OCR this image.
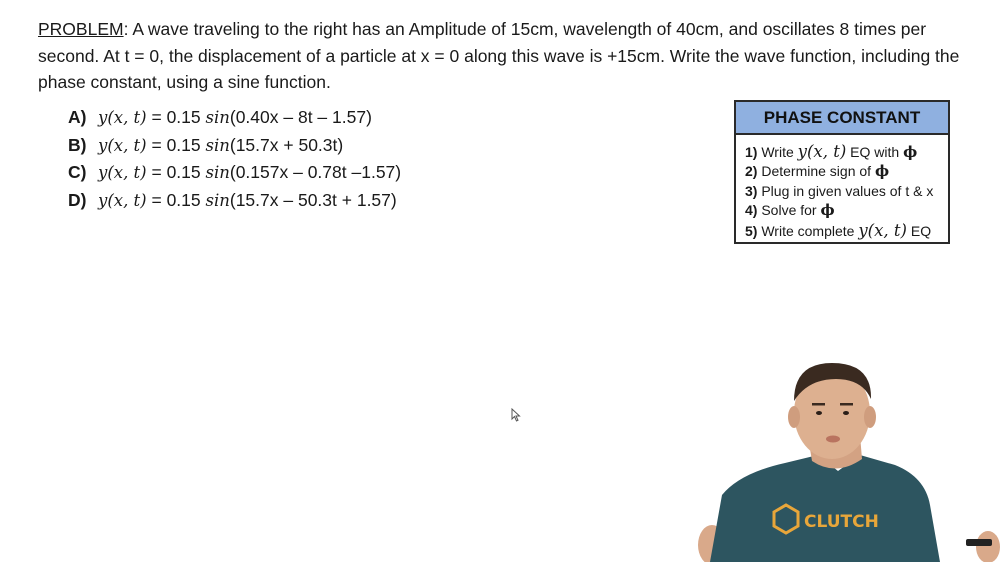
PROBLEM: A wave traveling to the right has an Amplitude of 15cm, wavelength of 40cm, and oscillates 8 times per second. At t = 0, the displacement of a particle at x = 0 along this wave is +15cm. Write the wave function, including the phase constant, using a sine function.
A) y(x, t) = 0.15 sin(0.40x – 8t – 1.57)
B) y(x, t) = 0.15 sin(15.7x + 50.3t)
C) y(x, t) = 0.15 sin(0.157x – 0.78t –1.57)
D) y(x, t) = 0.15 sin(15.7x – 50.3t + 1.57)
PHASE CONSTANT
1) Write y(x, t) EQ with ϕ
2) Determine sign of ϕ
3) Plug in given values of t & x
4) Solve for ϕ
5) Write complete y(x, t) EQ
CLUTCH
